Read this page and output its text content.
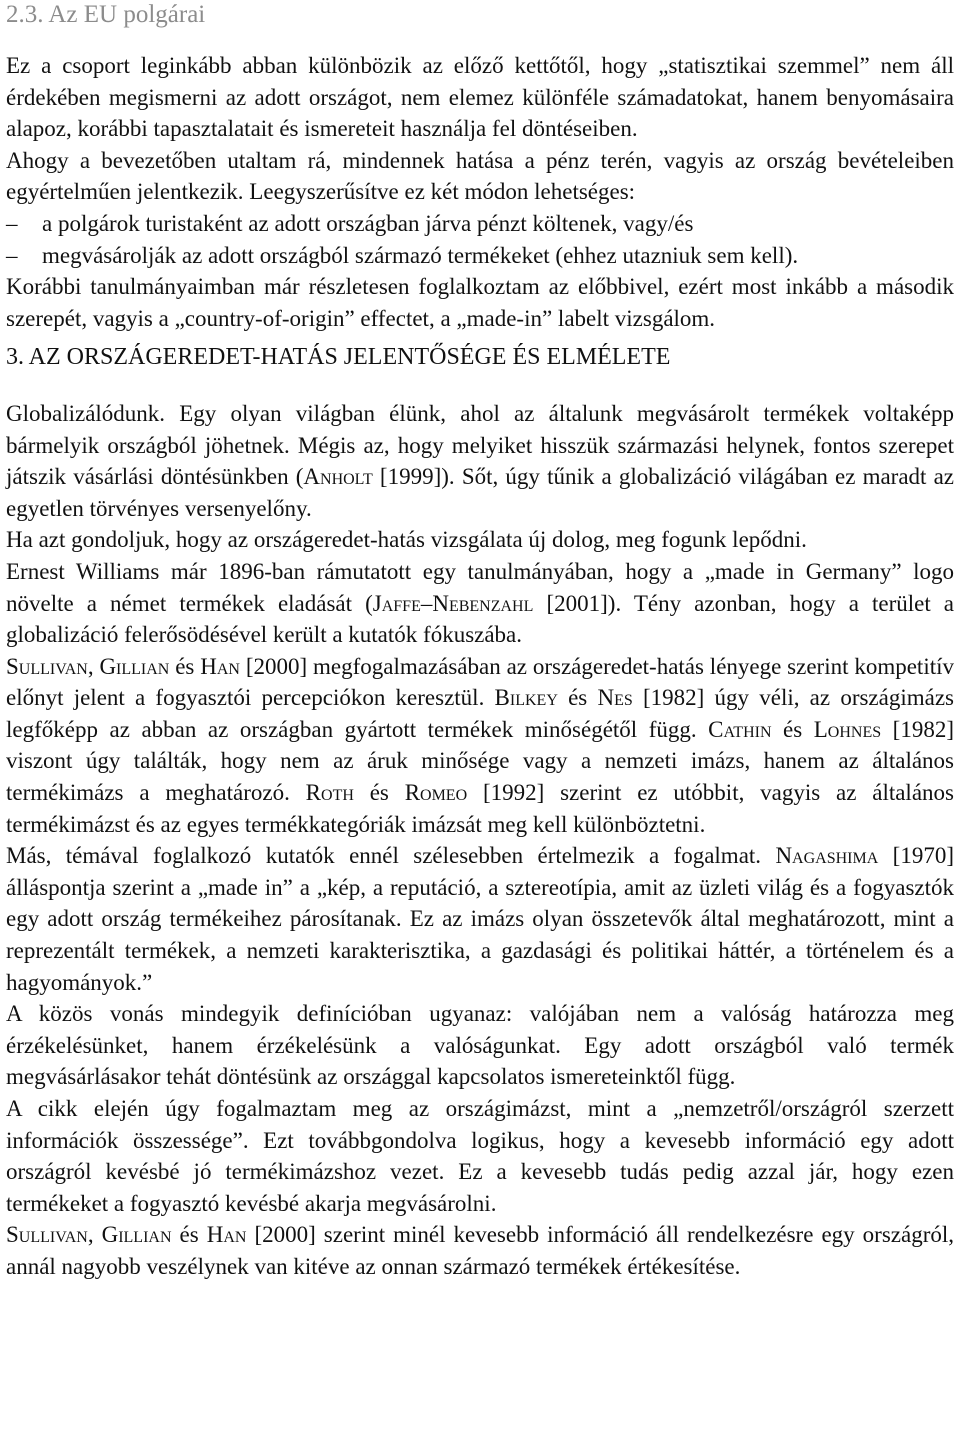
2.3. Az EU polgárai

Ez a csoport leginkább abban különbözik az előző kettőtől, hogy „statisztikai szemmel” nem áll érdekében megismerni az adott országot, nem elemez különféle számadatokat, hanem benyomásaira alapoz, korábbi tapasztalatait és ismereteit használja fel döntéseiben.

Ahogy a bevezetőben utaltam rá, mindennek hatása a pénz terén, vagyis az ország bevételeiben egyértelműen jelentkezik. Leegyszerűsítve ez két módon lehetséges:

– a polgárok turistaként az adott országban járva pénzt költenek, vagy/és
– megvásárolják az adott országból származó termékeket (ehhez utazniuk sem kell).

Korábbi tanulmányaimban már részletesen foglalkoztam az előbbivel, ezért most inkább a második szerepét, vagyis a „country-of-origin” effectet, a „made-in” labelt vizsgálom.

3. AZ ORSZÁGEREDET-HATÁS JELENTŐSÉGE ÉS ELMÉLETE

Globalizálódunk. Egy olyan világban élünk, ahol az általunk megvásárolt termékek voltaképp bármelyik országból jöhetnek. Mégis az, hogy melyiket hisszük származási helynek, fontos szerepet játszik vásárlási döntésünkben (Anholt [1999]). Sőt, úgy tűnik a globalizáció világában ez maradt az egyetlen törvényes versenyelőny.

Ha azt gondoljuk, hogy az országeredet-hatás vizsgálata új dolog, meg fogunk lepődni.

Ernest Williams már 1896-ban rámutatott egy tanulmányában, hogy a „made in Germany” logo növelte a német termékek eladását (Jaffe–Nebenzahl [2001]). Tény azonban, hogy a terület a globalizáció felerősödésével került a kutatók fókuszába.

Sullivan, Gillian és Han [2000] megfogalmazásában az országeredet-hatás lényege szerint kompetitív előnyt jelent a fogyasztói percepciókon keresztül. Bilkey és Nes [1982] úgy véli, az országimázs legfőképp az abban az országban gyártott termékek minőségétől függ. Cathin és Lohnes [1982] viszont úgy találták, hogy nem az áruk minősége vagy a nemzeti imázs, hanem az általános termékimázs a meghatározó. Roth és Romeo [1992] szerint ez utóbbit, vagyis az általános termékimázst és az egyes termékkategóriák imázsát meg kell különböztetni.

Más, témával foglalkozó kutatók ennél szélesebben értelmezik a fogalmat. Nagashima [1970] álláspontja szerint a „made in” a „kép, a reputáció, a sztereotípia, amit az üzleti világ és a fogyasztók egy adott ország termékeihez párosítanak. Ez az imázs olyan összetevők által meghatározott, mint a reprezentált termékek, a nemzeti karakterisztika, a gazdasági és politikai háttér, a történelem és a hagyományok.”

A közös vonás mindegyik definícióban ugyanaz: valójában nem a valóság határozza meg érzékelésünket, hanem érzékelésünk a valóságunkat. Egy adott országból való termék megvásárlásakor tehát döntésünk az országgal kapcsolatos ismereteinktől függ.

A cikk elején úgy fogalmaztam meg az országimázst, mint a „nemzetről/országról szerzett információk összessége”. Ezt továbbgondolva logikus, hogy a kevesebb információ egy adott országról kevésbé jó termékimázshoz vezet. Ez a kevesebb tudás pedig azzal jár, hogy ezen termékeket a fogyasztó kevésbé akarja megvásárolni.

Sullivan, Gillian és Han [2000] szerint minél kevesebb információ áll rendelkezésre egy országról, annál nagyobb veszélynek van kitéve az onnan származó termékek értékesítése.
